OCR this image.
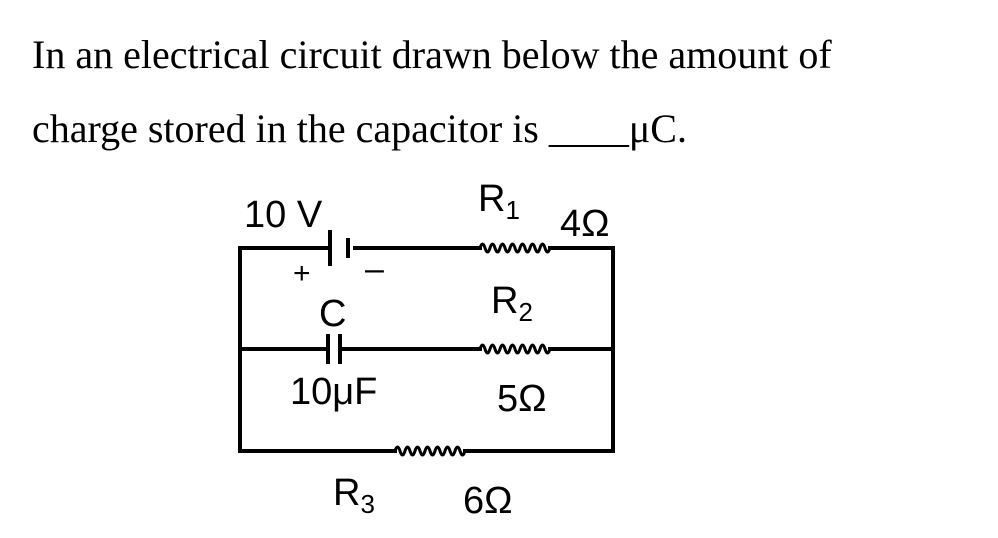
In an electrical circuit drawn below the amount of
charge stored in the capacitor is ____μC.

10 V
+ –
$R_1$ 4Ω
C
10μF
$R_2$
5Ω
$R_3$ 6Ω
